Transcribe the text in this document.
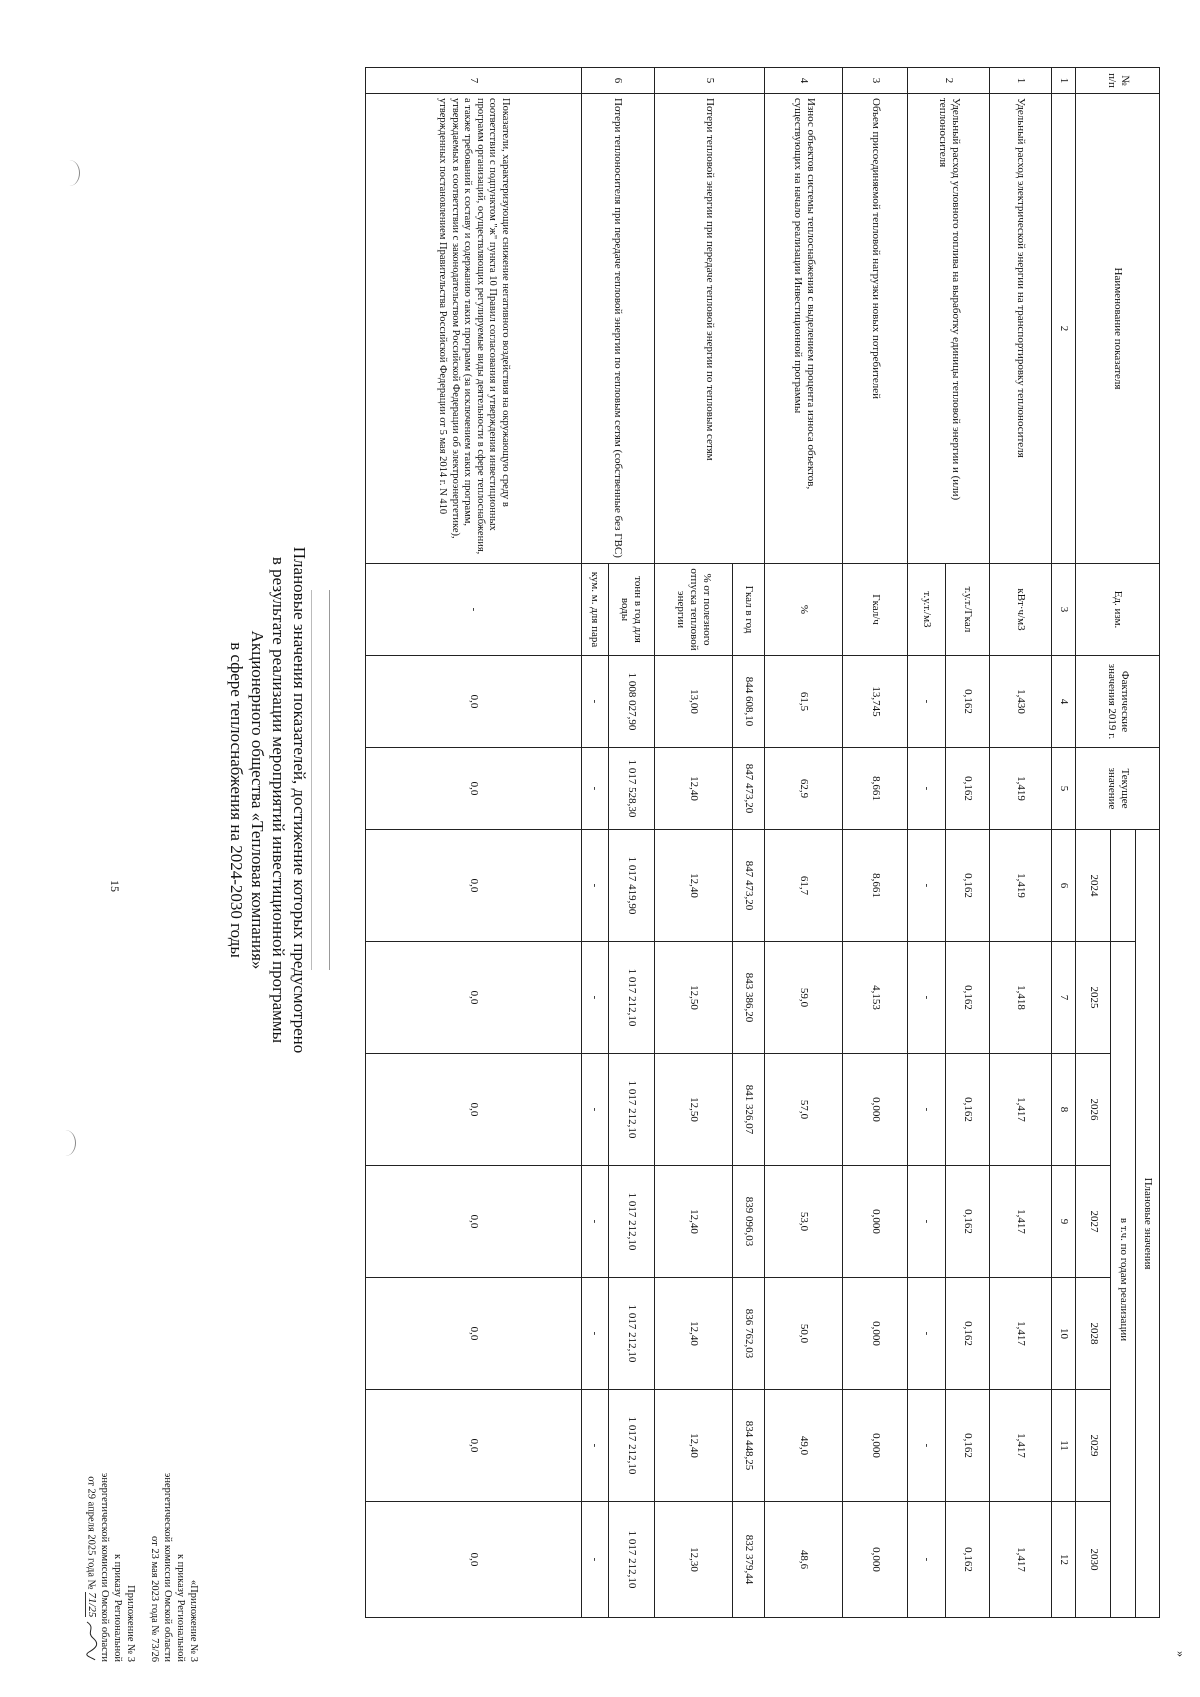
»
№ п/п	Наименование показателя	Ед. изм.	Фактические значения 2019 г.	Текущее значение	Плановые значения						
						в т.ч. по годам реализации					
					2024	2025	2026	2027	2028	2029	2030
1	2	3	4	5	6	7	8	9	10	11	12
1	Удельный расход электрической энергии на транспортировку теплоносителя	кВт·ч/м3	1,430	1,419	1,419	1,418	1,417	1,417	1,417	1,417	1,417
2	Удельный расход условного топлива на выработку единицы тепловой энергии и (или) теплоносителя	т.у.т./Гкал	0,162	0,162	0,162	0,162	0,162	0,162	0,162	0,162	0,162
		т.у.т./м3	-	-	-	-	-	-	-	-	-
3	Объем присоединяемой тепловой нагрузки новых потребителей	Гкал/ч	13,745	8,661	8,661	4,153	0,000	0,000	0,000	0,000	0,000
4	Износ объектов системы теплоснабжения с выделением процента износа объектов, существующих на начало реализации Инвестиционной программы	%	61,5	62,9	61,7	59,0	57,0	53,0	50,0	49,0	48,6
5	Потери тепловой энергии при передаче тепловой энергии по тепловым сетям	Гкал в год	844 608,10	847 473,20	847 473,20	843 386,20	841 326,07	839 096,03	836 762,03	834 448,25	832 379,44
		% от полезного отпуска тепловой энергии	13,00	12,40	12,40	12,50	12,50	12,40	12,40	12,40	12,30
6	Потери теплоносителя при передаче тепловой энергии по тепловым сетям (собственные без ГВС)	тонн в год для воды	1 008 027,90	1 017 528,30	1 017 419,90	1 017 212,10	1 017 212,10	1 017 212,10	1 017 212,10	1 017 212,10	1 017 212,10
		кум. м. для пара	-	-	-	-	-	-	-	-	-
7	Показатели, характеризующие снижение негативного воздействия на окружающую среду в соответствии с подпунктом "ж" пункта 10 Правил согласования и утверждения инвестиционных программ организаций, осуществляющих регулируемые виды деятельности в сфере теплоснабжения, а также требований к составу и содержанию таких программ (за исключением таких программ, утверждаемых в соответствии с законодательством Российской Федерации об электроэнергетике), утвержденных постановлением Правительства Российской Федерации от 5 мая 2014 г. N 410	-	0,0	0,0	0,0	0,0	0,0	0,0	0,0	0,0	0,0
Плановые значения показателей, достижение которых предусмотрено
в результате реализации мероприятий инвестиционной программы
Акционерного общества «Тепловая компания»
в сфере теплоснабжения на 2024-2030 годы
15
Приложение № 3
к приказу Региональной
энергетической комиссии Омской области
от 29 апреля 2025 года № 71/25	«Приложение № 3
к приказу Региональной
энергетической комиссии Омской области
от 23 мая 2023 года № 73/26
